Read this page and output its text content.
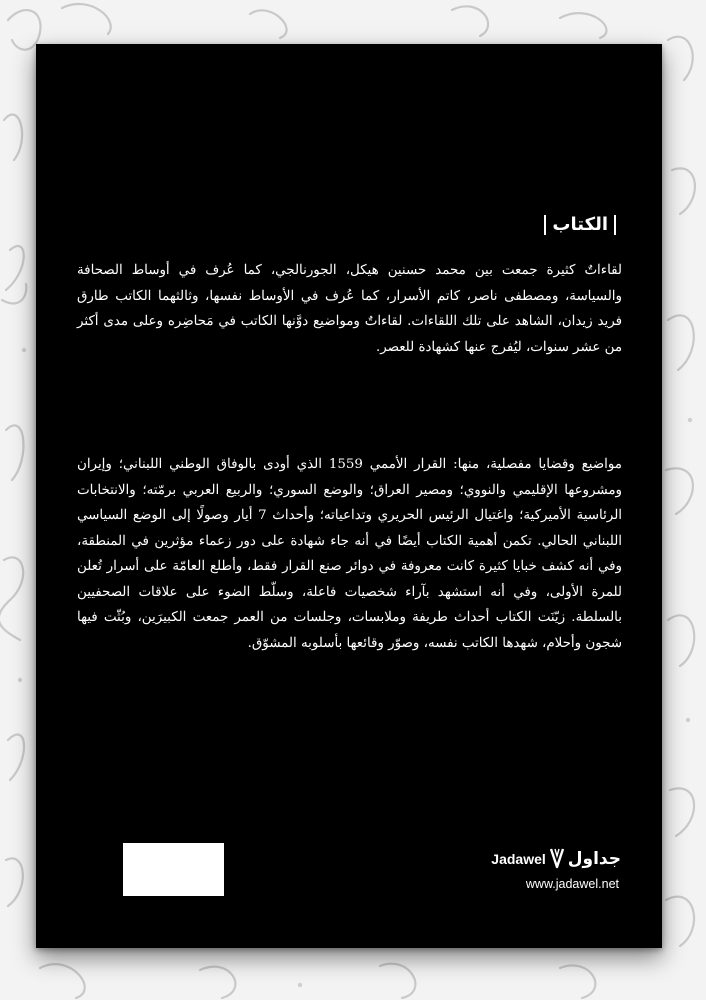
الكتاب

لقاءاتٌ كثيرة جمعت بين محمد حسنين هيكل، الجورنالجي، كما عُرف في أوساط الصحافة والسياسة، ومصطفى ناصر، كاتم الأسرار، كما عُرف في الأوساط نفسها، وثالثهما الكاتب طارق فريد زيدان، الشاهد على تلك اللقاءات. لقاءاتٌ ومواضيع دوَّنها الكاتب في مَحاضِره وعلى مدى أكثر من عشر سنوات، ليُفرج عنها كشهادة للعصر.

مواضيع وقضايا مفصلية، منها: القرار الأممي 1559 الذي أودى بالوفاق الوطني اللبناني؛ وإيران ومشروعها الإقليمي والنووي؛ ومصير العراق؛ والوضع السوري؛ والربيع العربي برمّته؛ والانتخابات الرئاسية الأميركية؛ واغتيال الرئيس الحريري وتداعياته؛ وأحداث 7 أيار وصولًا إلى الوضع السياسي اللبناني الحالي. تكمن أهمية الكتاب أيضًا في أنه جاء شهادة على دور زعماء مؤثرين في المنطقة، وفي أنه كشف خبايا كثيرة كانت معروفة في دوائر صنع القرار فقط، وأطلع العامّة على أسرار تُعلن للمرة الأولى، وفي أنه استشهد بآراء شخصيات فاعلة، وسلّط الضوء على علاقات الصحفيين بالسلطة. زيّنَت الكتاب أحداث طريفة وملابسات، وجلسات من العمر جمعت الكبيرَين، وبُثّت فيها شجون وأحلام، شهدها الكاتب نفسه، وصوّر وقائعها بأسلوبه المشوّق.

Jadawel جداول
www.jadawel.net
